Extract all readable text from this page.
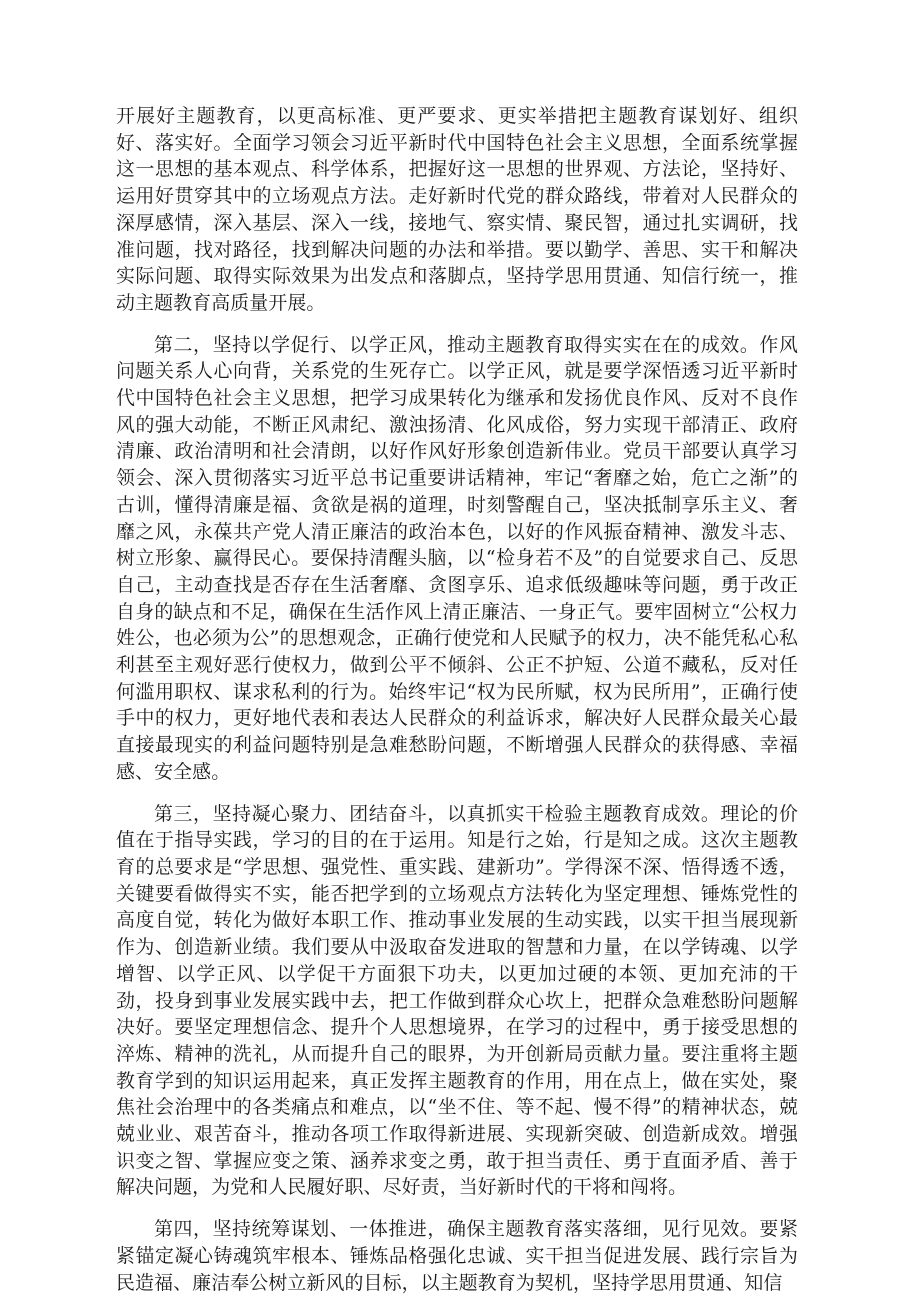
开展好主题教育，以更高标准、更严要求、更实举措把主题教育谋划好、组织好、落实好。全面学习领会习近平新时代中国特色社会主义思想，全面系统掌握这一思想的基本观点、科学体系，把握好这一思想的世界观、方法论，坚持好、运用好贯穿其中的立场观点方法。走好新时代党的群众路线，带着对人民群众的深厚感情，深入基层、深入一线，接地气、察实情、聚民智，通过扎实调研，找准问题，找对路径，找到解决问题的办法和举措。要以勤学、善思、实干和解决实际问题、取得实际效果为出发点和落脚点，坚持学思用贯通、知信行统一，推动主题教育高质量开展。

第二，坚持以学促行、以学正风，推动主题教育取得实实在在的成效。作风问题关系人心向背，关系党的生死存亡。以学正风，就是要学深悟透习近平新时代中国特色社会主义思想，把学习成果转化为继承和发扬优良作风、反对不良作风的强大动能，不断正风肃纪、激浊扬清、化风成俗，努力实现干部清正、政府清廉、政治清明和社会清朗，以好作风好形象创造新伟业。党员干部要认真学习领会、深入贯彻落实习近平总书记重要讲话精神，牢记“奢靡之始，危亡之渐”的古训，懂得清廉是福、贪欲是祸的道理，时刻警醒自己，坚决抵制享乐主义、奢靡之风，永葆共产党人清正廉洁的政治本色，以好的作风振奋精神、激发斗志、树立形象、赢得民心。要保持清醒头脑，以“检身若不及”的自觉要求自己、反思自己，主动查找是否存在生活奢靡、贪图享乐、追求低级趣味等问题，勇于改正自身的缺点和不足，确保在生活作风上清正廉洁、一身正气。要牢固树立“公权力姓公，也必须为公”的思想观念，正确行使党和人民赋予的权力，决不能凭私心私利甚至主观好恶行使权力，做到公平不倾斜、公正不护短、公道不藏私，反对任何滥用职权、谋求私利的行为。始终牢记“权为民所赋，权为民所用”，正确行使手中的权力，更好地代表和表达人民群众的利益诉求，解决好人民群众最关心最直接最现实的利益问题特别是急难愁盼问题，不断增强人民群众的获得感、幸福感、安全感。

第三，坚持凝心聚力、团结奋斗，以真抓实干检验主题教育成效。理论的价值在于指导实践，学习的目的在于运用。知是行之始，行是知之成。这次主题教育的总要求是“学思想、强党性、重实践、建新功”。学得深不深、悟得透不透，关键要看做得实不实，能否把学到的立场观点方法转化为坚定理想、锤炼党性的高度自觉，转化为做好本职工作、推动事业发展的生动实践，以实干担当展现新作为、创造新业绩。我们要从中汲取奋发进取的智慧和力量，在以学铸魂、以学增智、以学正风、以学促干方面狠下功夫，以更加过硬的本领、更加充沛的干劲，投身到事业发展实践中去，把工作做到群众心坎上，把群众急难愁盼问题解决好。要坚定理想信念、提升个人思想境界，在学习的过程中，勇于接受思想的淬炼、精神的洗礼，从而提升自己的眼界，为开创新局贡献力量。要注重将主题教育学到的知识运用起来，真正发挥主题教育的作用，用在点上，做在实处，聚焦社会治理中的各类痛点和难点，以“坐不住、等不起、慢不得”的精神状态，兢兢业业、艰苦奋斗，推动各项工作取得新进展、实现新突破、创造新成效。增强识变之智、掌握应变之策、涵养求变之勇，敢于担当责任、勇于直面矛盾、善于解决问题，为党和人民履好职、尽好责，当好新时代的干将和闯将。

第四，坚持统筹谋划、一体推进，确保主题教育落实落细，见行见效。要紧紧锚定凝心铸魂筑牢根本、锤炼品格强化忠诚、实干担当促进发展、践行宗旨为民造福、廉洁奉公树立新风的目标，以主题教育为契机，坚持学思用贯通、知信
